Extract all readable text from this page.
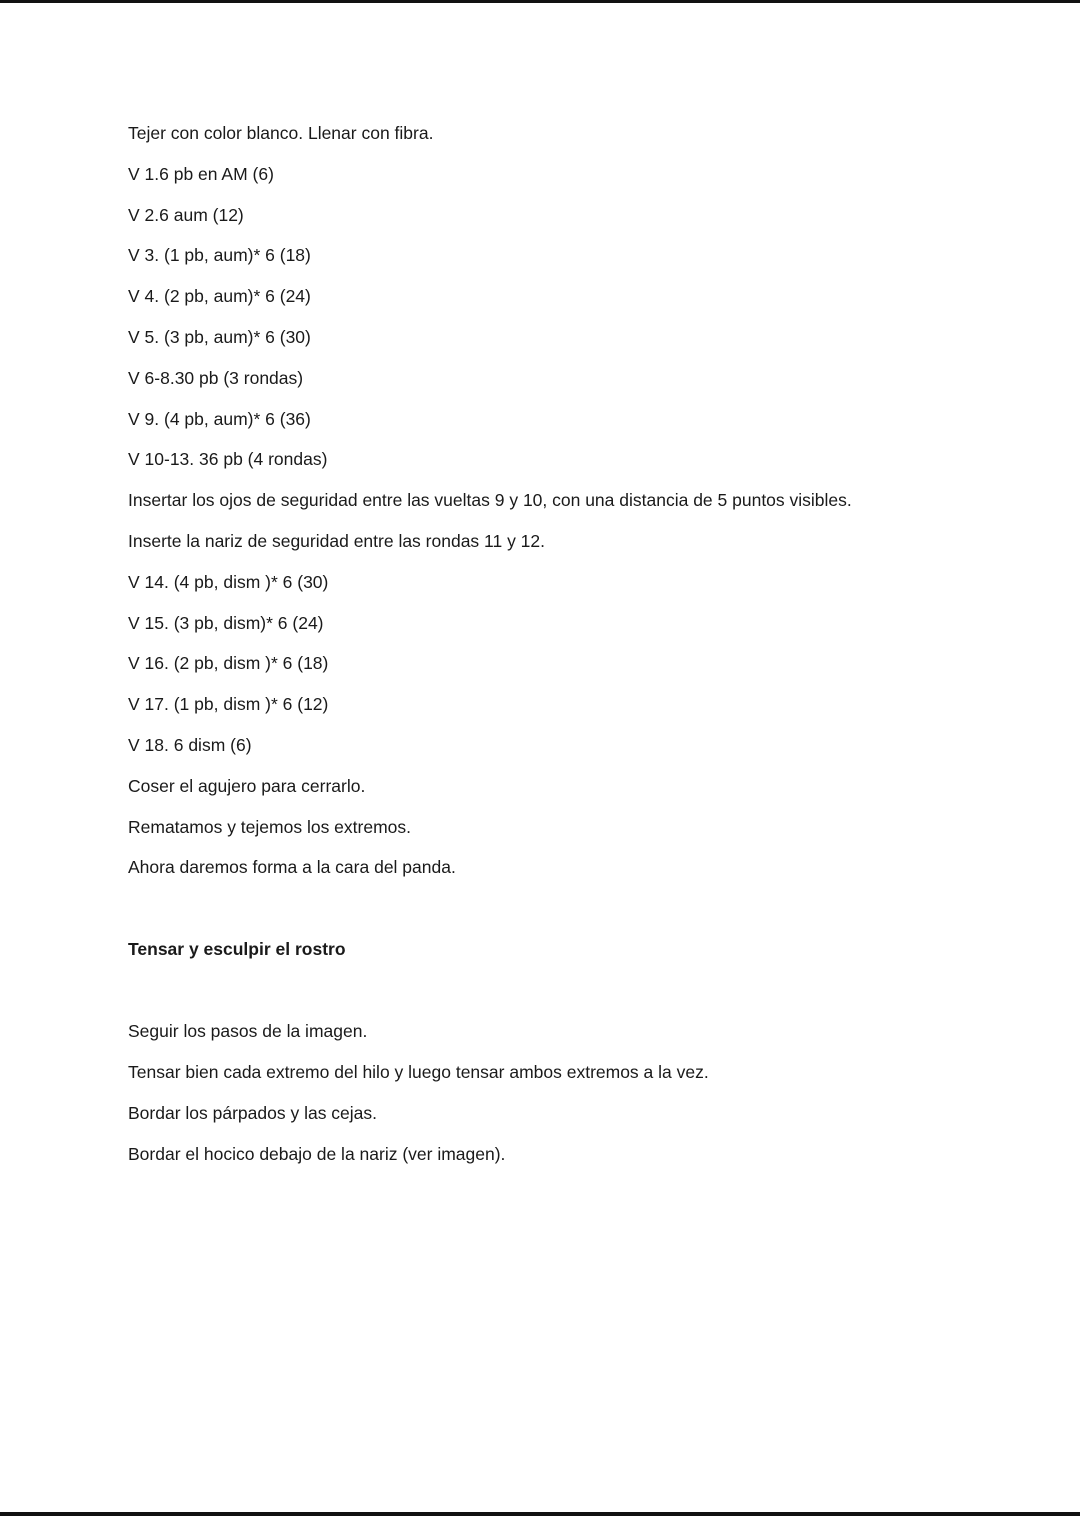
Tejer con color blanco. Llenar con fibra.
V 1.6 pb en AM (6)
V 2.6 aum (12)
V 3. (1 pb, aum)* 6 (18)
V 4. (2 pb, aum)* 6 (24)
V 5. (3 pb, aum)* 6 (30)
V 6-8.30 pb (3 rondas)
V 9. (4 pb, aum)* 6 (36)
V 10-13. 36 pb (4 rondas)
Insertar los ojos de seguridad entre las vueltas 9 y 10, con una distancia de 5 puntos visibles.
Inserte la nariz de seguridad entre las rondas 11 y 12.
V 14. (4 pb, dism )* 6 (30)
V 15. (3 pb, dism)* 6 (24)
V 16. (2 pb, dism )* 6 (18)
V 17. (1 pb, dism )* 6 (12)
V 18. 6 dism (6)
Coser el agujero para cerrarlo.
Rematamos y tejemos los extremos.
Ahora daremos forma a la cara del panda.
Tensar y esculpir el rostro
Seguir los pasos de la imagen.
Tensar bien cada extremo del hilo y luego tensar ambos extremos a la vez.
Bordar los párpados y las cejas.
Bordar el hocico debajo de la nariz (ver imagen).
